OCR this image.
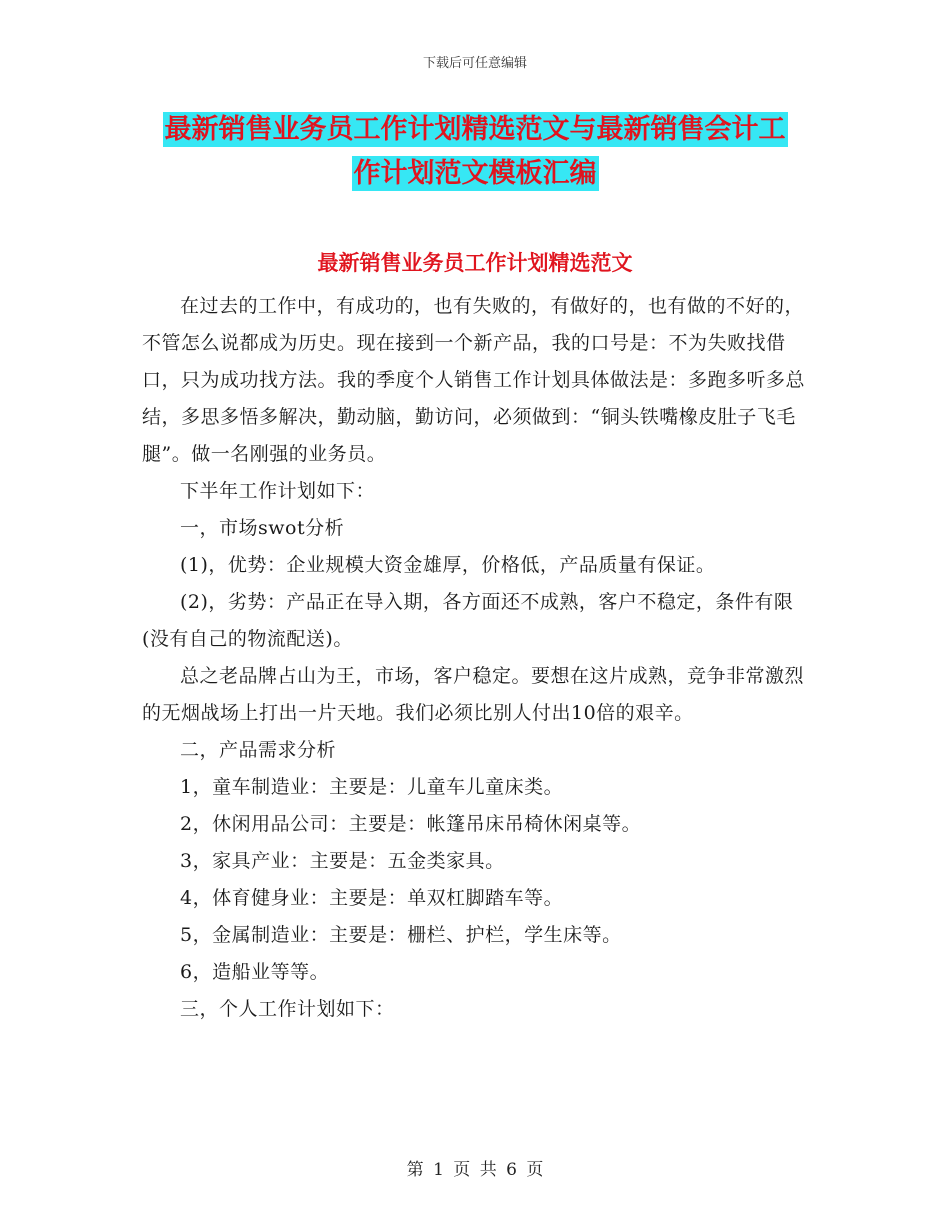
下载后可任意编辑
最新销售业务员工作计划精选范文与最新销售会计工
作计划范文模板汇编
最新销售业务员工作计划精选范文

在过去的工作中，有成功的，也有失败的，有做好的，也有做的不好的，不管怎么说都成为历史。现在接到一个新产品，我的口号是：不为失败找借口，只为成功找方法。我的季度个人销售工作计划具体做法是：多跑多听多总结，多思多悟多解决，勤动脑，勤访问，必须做到：“铜头铁嘴橡皮肚子飞毛腿”。做一名刚强的业务员。

下半年工作计划如下：

一，市场swot分析

(1)，优势：企业规模大资金雄厚，价格低，产品质量有保证。

(2)，劣势：产品正在导入期，各方面还不成熟，客户不稳定，条件有限(没有自己的物流配送)。

总之老品牌占山为王，市场，客户稳定。要想在这片成熟，竞争非常激烈的无烟战场上打出一片天地。我们必须比别人付出10倍的艰辛。

二，产品需求分析

1，童车制造业：主要是：儿童车儿童床类。

2，休闲用品公司：主要是：帐篷吊床吊椅休闲桌等。

3，家具产业：主要是：五金类家具。

4，体育健身业：主要是：单双杠脚踏车等。

5，金属制造业：主要是：栅栏、护栏，学生床等。

6，造船业等等。

三，个人工作计划如下：

第 1 页 共 6 页
